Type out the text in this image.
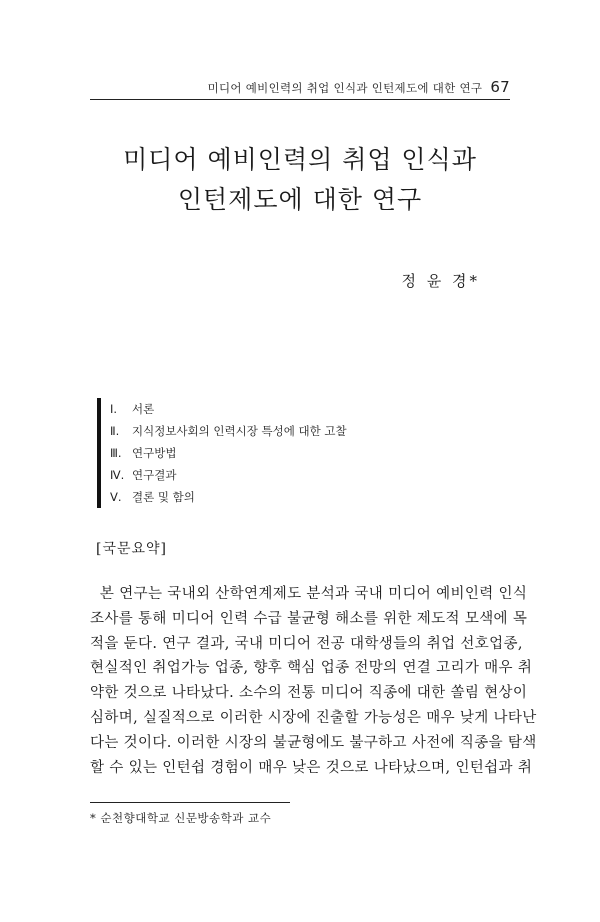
미디어 예비인력의 취업 인식과 인턴제도에 대한 연구 67
미디어 예비인력의 취업 인식과
인턴제도에 대한 연구
정 윤 경*
Ⅰ. 서론
Ⅱ. 지식정보사회의 인력시장 특성에 대한 고찰
Ⅲ. 연구방법
Ⅳ. 연구결과
Ⅴ. 결론 및 함의
[국문요약]
본 연구는 국내외 산학연계제도 분석과 국내 미디어 예비인력 인식
조사를 통해 미디어 인력 수급 불균형 해소를 위한 제도적 모색에 목
적을 둔다. 연구 결과, 국내 미디어 전공 대학생들의 취업 선호업종,
현실적인 취업가능 업종, 향후 핵심 업종 전망의 연결 고리가 매우 취
약한 것으로 나타났다. 소수의 전통 미디어 직종에 대한 쏠림 현상이
심하며, 실질적으로 이러한 시장에 진출할 가능성은 매우 낮게 나타난
다는 것이다. 이러한 시장의 불균형에도 불구하고 사전에 직종을 탐색
할 수 있는 인턴쉽 경험이 매우 낮은 것으로 나타났으며, 인턴쉽과 취
* 순천향대학교 신문방송학과 교수
